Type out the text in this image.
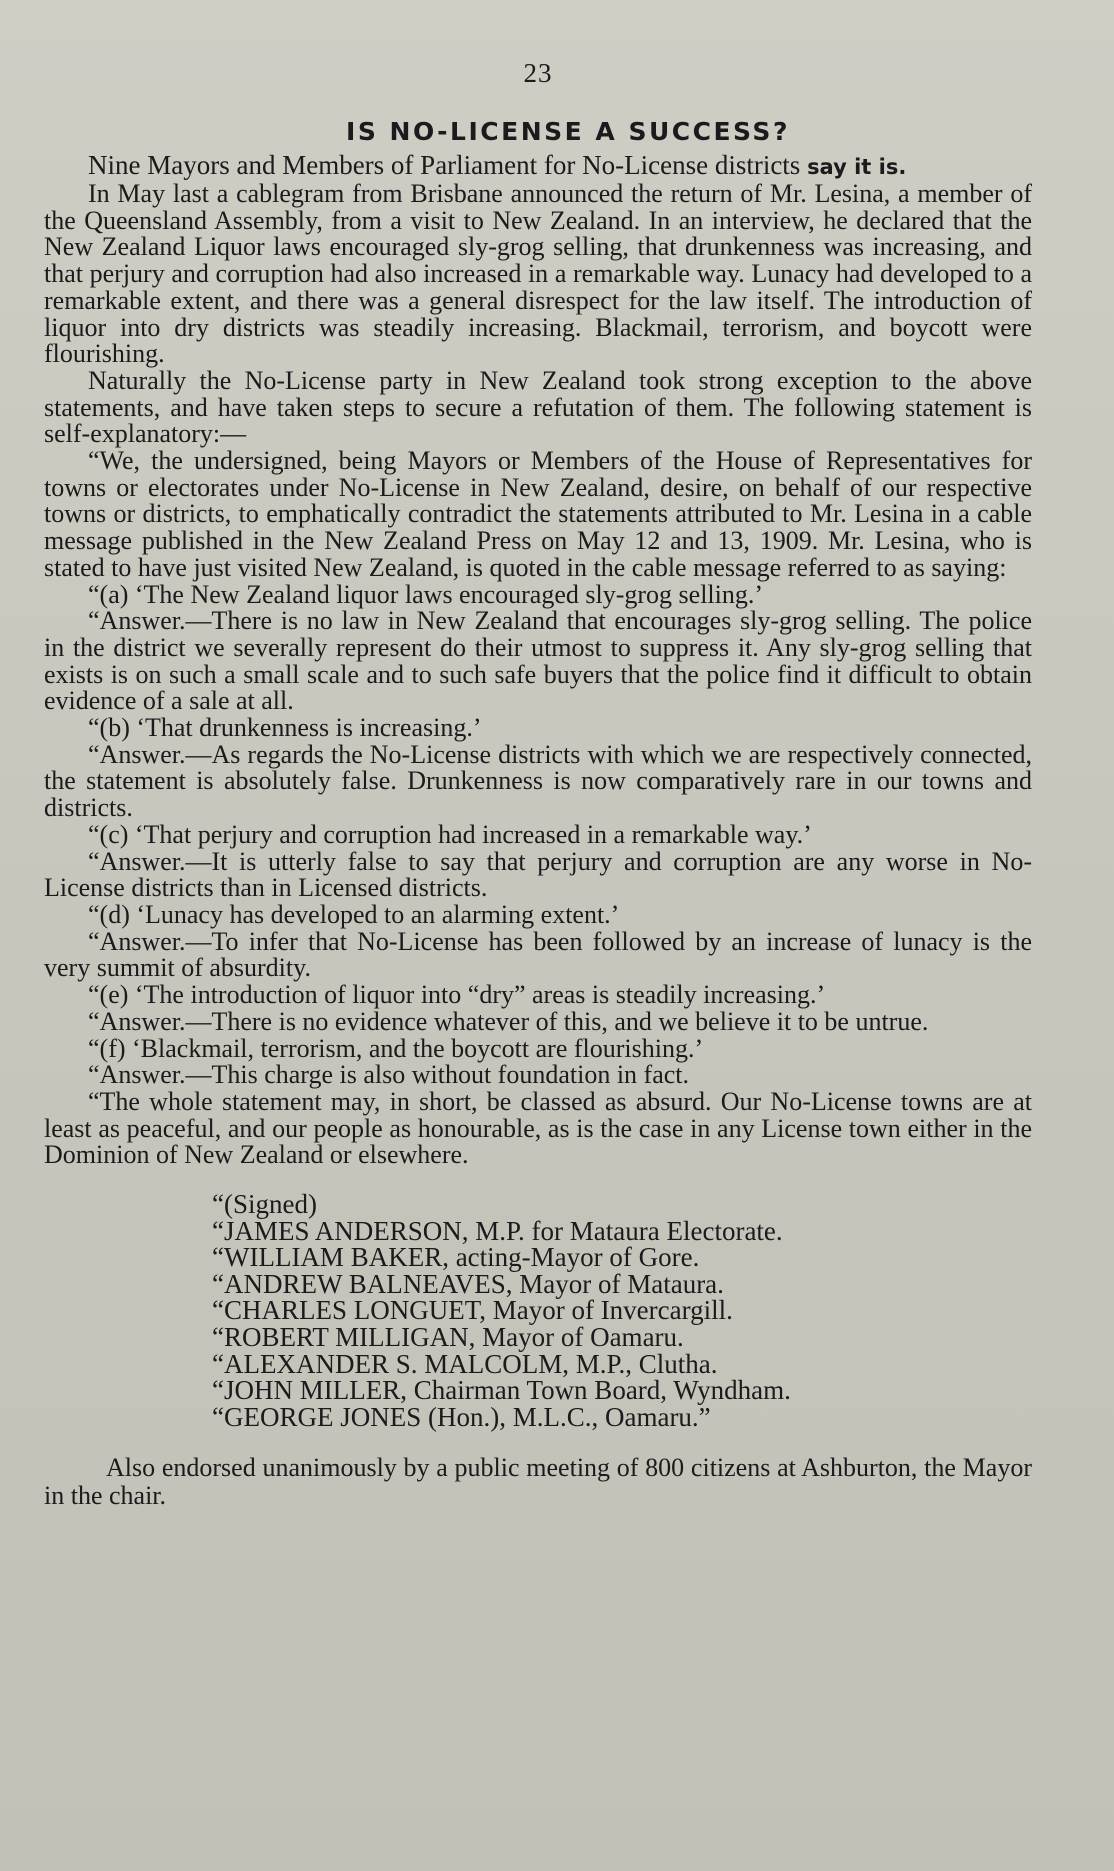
23
IS NO-LICENSE A SUCCESS?

Nine Mayors and Members of Parliament for No-License districts say it is.

In May last a cablegram from Brisbane announced the return of Mr. Lesina, a member of the Queensland Assembly, from a visit to New Zealand. In an interview, he declared that the New Zealand Liquor laws encouraged sly-grog selling, that drunkenness was increasing, and that perjury and corruption had also increased in a remarkable way. Lunacy had developed to a remarkable extent, and there was a general disrespect for the law itself. The introduction of liquor into dry districts was steadily increasing. Blackmail, terrorism, and boycott were flourishing.

Naturally the No-License party in New Zealand took strong exception to the above statements, and have taken steps to secure a refutation of them. The following statement is self-explanatory:—

“We, the undersigned, being Mayors or Members of the House of Representatives for towns or electorates under No-License in New Zealand, desire, on behalf of our respective towns or districts, to emphatically contradict the statements attributed to Mr. Lesina in a cable message published in the New Zealand Press on May 12 and 13, 1909. Mr. Lesina, who is stated to have just visited New Zealand, is quoted in the cable message referred to as saying:

“(a) ‘The New Zealand liquor laws encouraged sly-grog selling.’

“Answer.—There is no law in New Zealand that encourages sly-grog selling. The police in the district we severally represent do their utmost to suppress it. Any sly-grog selling that exists is on such a small scale and to such safe buyers that the police find it difficult to obtain evidence of a sale at all.

“(b) ‘That drunkenness is increasing.’

“Answer.—As regards the No-License districts with which we are respectively connected, the statement is absolutely false. Drunkenness is now comparatively rare in our towns and districts.

“(c) ‘That perjury and corruption had increased in a remarkable way.’

“Answer.—It is utterly false to say that perjury and corruption are any worse in No-License districts than in Licensed districts.

“(d) ‘Lunacy has developed to an alarming extent.’

“Answer.—To infer that No-License has been followed by an increase of lunacy is the very summit of absurdity.

“(e) ‘The introduction of liquor into “dry” areas is steadily increasing.’

“Answer.—There is no evidence whatever of this, and we believe it to be untrue.

“(f) ‘Blackmail, terrorism, and the boycott are flourishing.’

“Answer.—This charge is also without foundation in fact.

“The whole statement may, in short, be classed as absurd. Our No-License towns are at least as peaceful, and our people as honourable, as is the case in any License town either in the Dominion of New Zealand or elsewhere.

“(Signed)
“JAMES ANDERSON, M.P. for Mataura Electorate.
“WILLIAM BAKER, acting-Mayor of Gore.
“ANDREW BALNEAVES, Mayor of Mataura.
“CHARLES LONGUET, Mayor of Invercargill.
“ROBERT MILLIGAN, Mayor of Oamaru.
“ALEXANDER S. MALCOLM, M.P., Clutha.
“JOHN MILLER, Chairman Town Board, Wyndham.
“GEORGE JONES (Hon.), M.L.C., Oamaru.”

Also endorsed unanimously by a public meeting of 800 citizens at Ashburton, the Mayor in the chair.
